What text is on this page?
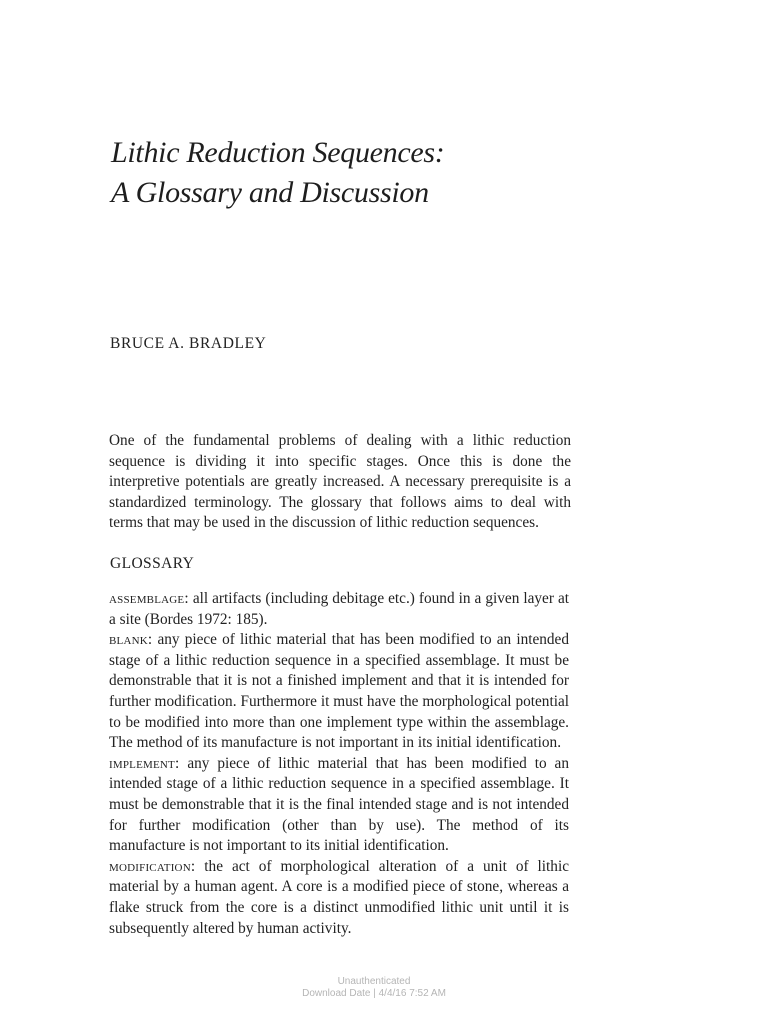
Lithic Reduction Sequences:
A Glossary and Discussion
BRUCE A. BRADLEY

One of the fundamental problems of dealing with a lithic reduction sequence is dividing it into specific stages. Once this is done the interpretive potentials are greatly increased. A necessary prerequisite is a standardized terminology. The glossary that follows aims to deal with terms that may be used in the discussion of lithic reduction sequences.

GLOSSARY

assemblage: all artifacts (including debitage etc.) found in a given layer at a site (Bordes 1972: 185).

blank: any piece of lithic material that has been modified to an intended stage of a lithic reduction sequence in a specified assemblage. It must be demonstrable that it is not a finished implement and that it is intended for further modification. Furthermore it must have the morphological potential to be modified into more than one implement type within the assemblage. The method of its manufacture is not important in its initial identification.

implement: any piece of lithic material that has been modified to an intended stage of a lithic reduction sequence in a specified assemblage. It must be demonstrable that it is the final intended stage and is not intended for further modification (other than by use). The method of its manufacture is not important to its initial identification.

modification: the act of morphological alteration of a unit of lithic material by a human agent. A core is a modified piece of stone, whereas a flake struck from the core is a distinct unmodified lithic unit until it is subsequently altered by human activity.

Unauthenticated
Download Date | 4/4/16 7:52 AM
